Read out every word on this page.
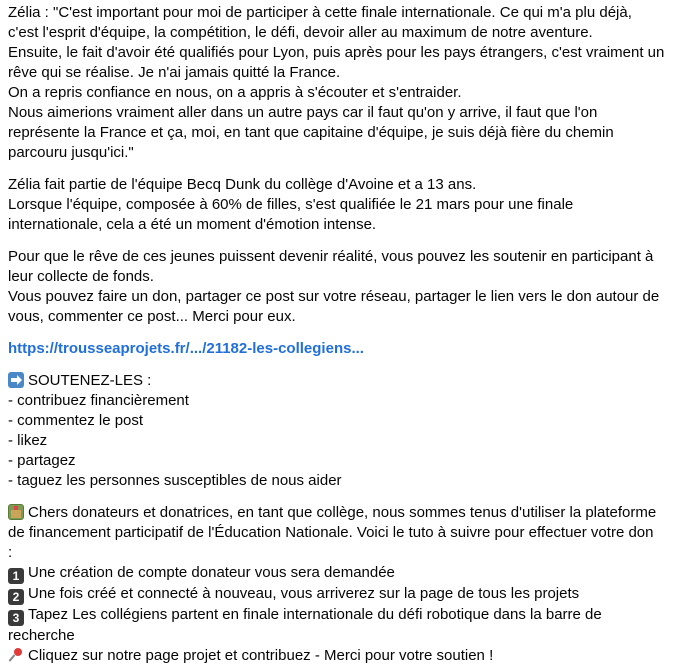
Zélia : "C'est important pour moi de participer à cette finale internationale. Ce qui m'a plu déjà,
c'est l'esprit d'équipe, la compétition, le défi, devoir aller au maximum de notre aventure.
Ensuite, le fait d'avoir été qualifiés pour Lyon, puis après pour les pays étrangers, c'est vraiment un
rêve qui se réalise. Je n'ai jamais quitté la France.
On a repris confiance en nous, on a appris à s'écouter et s'entraider.
Nous aimerions vraiment aller dans un autre pays car il faut qu'on y arrive, il faut que l'on
représente la France et ça, moi, en tant que capitaine d'équipe, je suis déjà fière du chemin
parcouru jusqu'ici."
Zélia fait partie de l'équipe Becq Dunk du collège d'Avoine et a 13 ans.
Lorsque l'équipe, composée à 60% de filles, s'est qualifiée le 21 mars pour une finale
internationale, cela a été un moment d'émotion intense.
Pour que le rêve de ces jeunes puissent devenir réalité, vous pouvez les soutenir en participant à
leur collecte de fonds.
Vous pouvez faire un don, partager ce post sur votre réseau, partager le lien vers le don autour de
vous, commenter ce post... Merci pour eux.
https://trousseaprojets.fr/.../21182-les-collegiens...
SOUTENEZ-LES :
- contribuez financièrement
- commentez le post
- likez
- partagez
- taguez les personnes susceptibles de nous aider
Chers donateurs et donatrices, en tant que collège, nous sommes tenus d'utiliser la plateforme
de financement participatif de l'Éducation Nationale. Voici le tuto à suivre pour effectuer votre don
:
1 Une création de compte donateur vous sera demandée
2 Une fois créé et connecté à nouveau, vous arriverez sur la page de tous les projets
3 Tapez Les collégiens partent en finale internationale du défi robotique dans la barre de
recherche
Cliquez sur notre page projet et contribuez - Merci pour votre soutien !
